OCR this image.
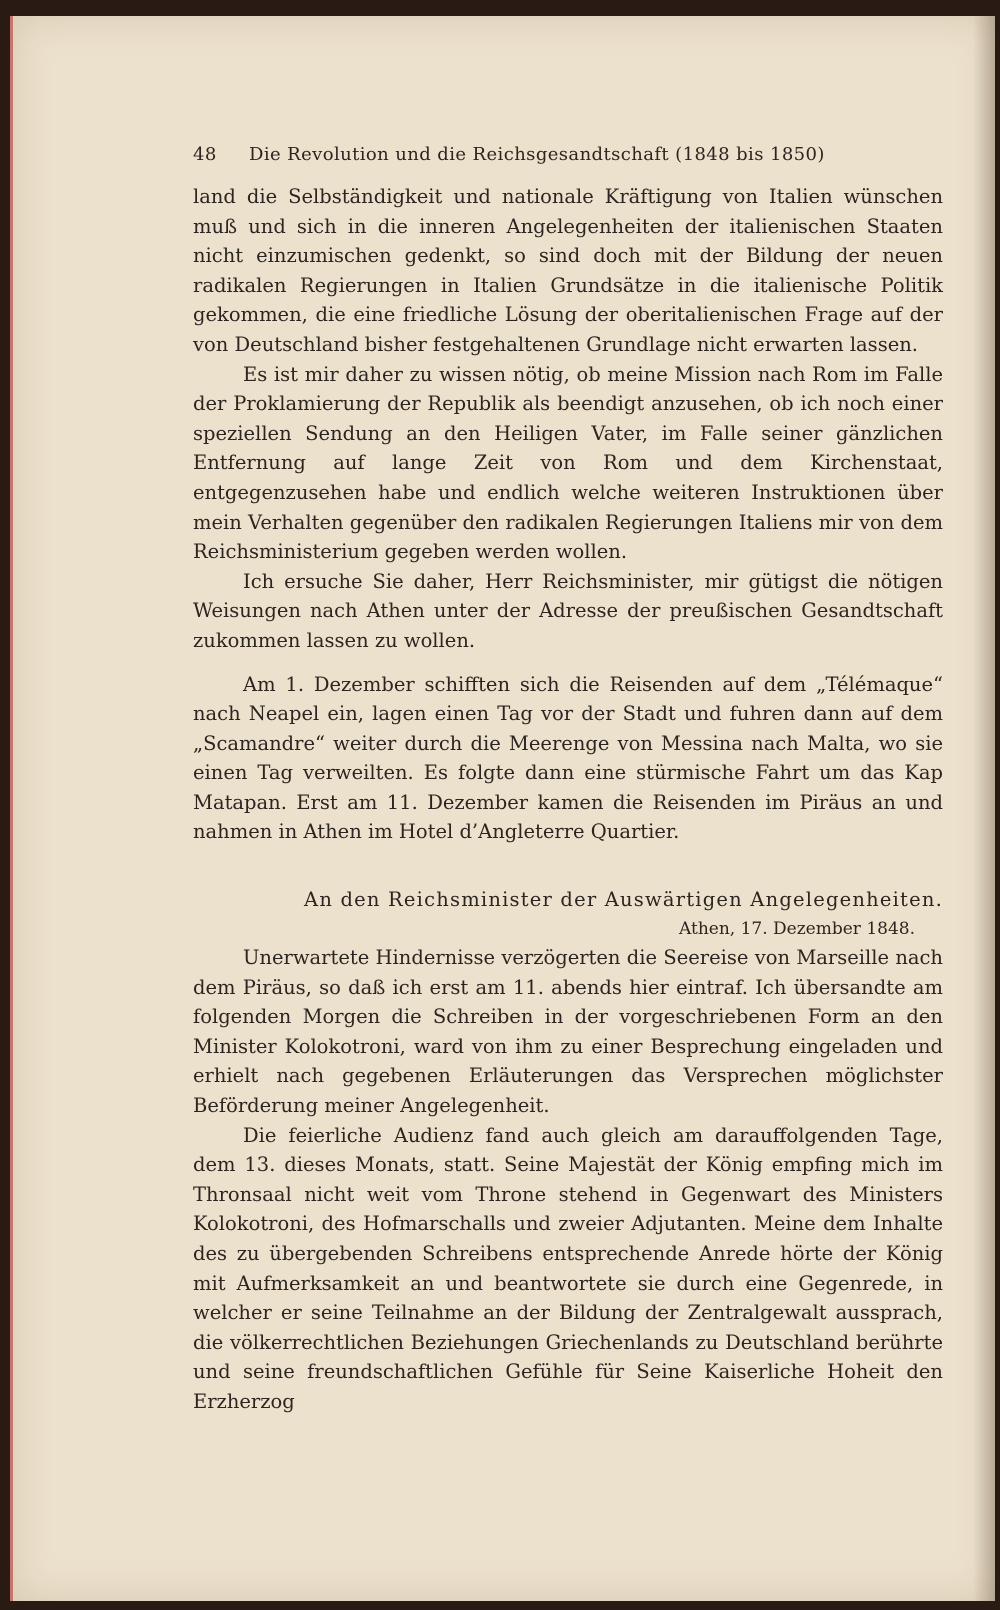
48	Die Revolution und die Reichsgesandtschaft (1848 bis 1850)

land die Selbständigkeit und nationale Kräftigung von Italien wünschen muß und sich in die inneren Angelegenheiten der italienischen Staaten nicht einzumischen gedenkt, so sind doch mit der Bildung der neuen radikalen Regierungen in Italien Grundsätze in die italienische Politik gekommen, die eine friedliche Lösung der oberitalienischen Frage auf der von Deutschland bisher festgehaltenen Grundlage nicht erwarten lassen.

Es ist mir daher zu wissen nötig, ob meine Mission nach Rom im Falle der Proklamierung der Republik als beendigt anzusehen, ob ich noch einer speziellen Sendung an den Heiligen Vater, im Falle seiner gänzlichen Entfernung auf lange Zeit von Rom und dem Kirchenstaat, entgegenzusehen habe und endlich welche weiteren Instruktionen über mein Verhalten gegenüber den radikalen Regierungen Italiens mir von dem Reichsministerium gegeben werden wollen.

Ich ersuche Sie daher, Herr Reichsminister, mir gütigst die nötigen Weisungen nach Athen unter der Adresse der preußischen Gesandtschaft zukommen lassen zu wollen.

Am 1. Dezember schifften sich die Reisenden auf dem „Télémaque“ nach Neapel ein, lagen einen Tag vor der Stadt und fuhren dann auf dem „Scamandre“ weiter durch die Meerenge von Messina nach Malta, wo sie einen Tag verweilten. Es folgte dann eine stürmische Fahrt um das Kap Matapan. Erst am 11. Dezember kamen die Reisenden im Piräus an und nahmen in Athen im Hotel d’Angleterre Quartier.

An den Reichsminister der Auswärtigen Angelegenheiten.
Athen, 17. Dezember 1848.

Unerwartete Hindernisse verzögerten die Seereise von Marseille nach dem Piräus, so daß ich erst am 11. abends hier eintraf. Ich übersandte am folgenden Morgen die Schreiben in der vorgeschriebenen Form an den Minister Kolokotroni, ward von ihm zu einer Besprechung eingeladen und erhielt nach gegebenen Erläuterungen das Versprechen möglichster Beförderung meiner Angelegenheit.

Die feierliche Audienz fand auch gleich am darauffolgenden Tage, dem 13. dieses Monats, statt. Seine Majestät der König empfing mich im Thronsaal nicht weit vom Throne stehend in Gegenwart des Ministers Kolokotroni, des Hofmarschalls und zweier Adjutanten. Meine dem Inhalte des zu übergebenden Schreibens entsprechende Anrede hörte der König mit Aufmerksamkeit an und beantwortete sie durch eine Gegenrede, in welcher er seine Teilnahme an der Bildung der Zentralgewalt aussprach, die völkerrechtlichen Beziehungen Griechenlands zu Deutschland berührte und seine freundschaftlichen Gefühle für Seine Kaiserliche Hoheit den Erzherzog
